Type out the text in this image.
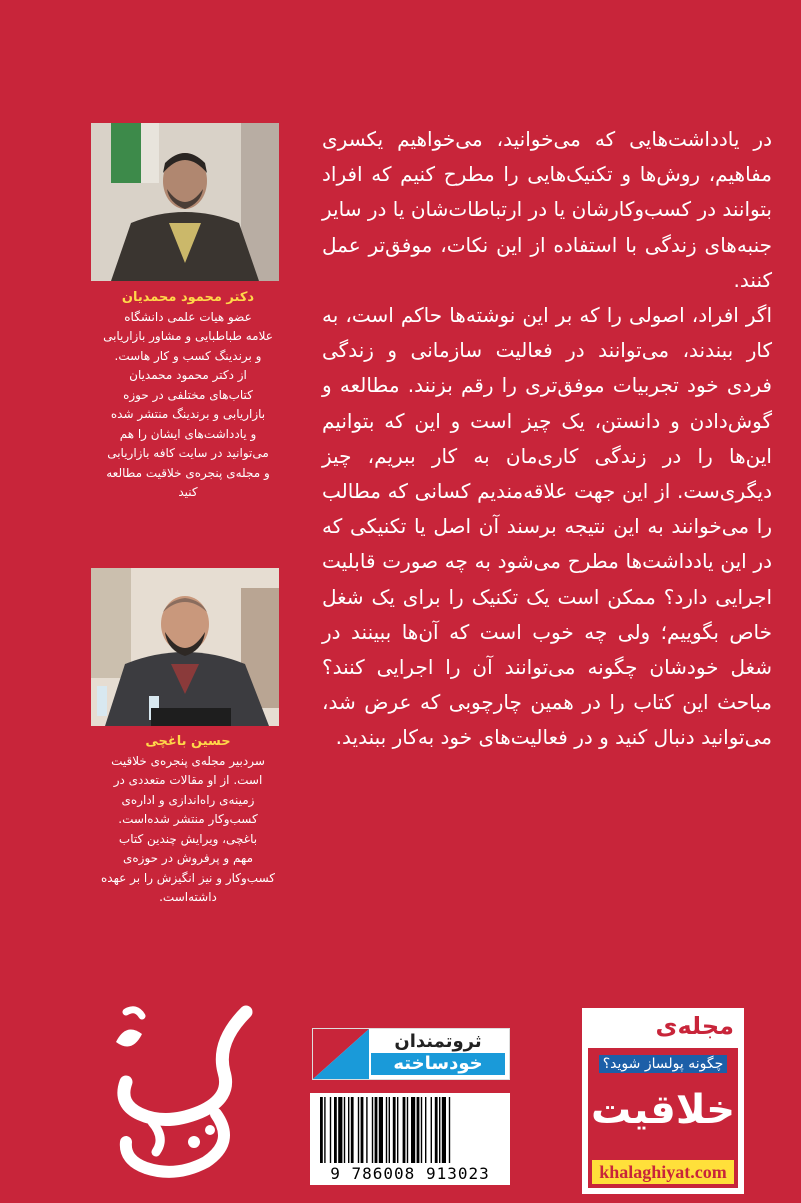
در یادداشت‌هایی که می‌خوانید، می‌خواهیم یکسری مفاهیم، روش‌ها و تکنیک‌هایی را مطرح کنیم که افراد بتوانند در کسب‌وکارشان یا در ارتباطات‌شان یا در سایر جنبه‌های زندگی با استفاده از این نکات، موفق‌تر عمل کنند.

اگر افراد، اصولی را که بر این نوشته‌ها حاکم است، به کار ببندند، می‌توانند در فعالیت سازمانی و زندگی فردی خود تجربیات موفق‌تری را رقم بزنند. مطالعه و گوش‌دادن و دانستن، یک چیز است و این که بتوانیم این‌ها را در زندگی کاری‌مان به کار ببریم، چیز دیگری‌ست. از این جهت علاقه‌مندیم کسانی که مطالب را می‌خوانند به این نتیجه برسند آن اصل یا تکنیکی که در این یادداشت‌ها مطرح می‌شود به چه صورت قابلیت اجرایی دارد؟ ممکن است یک تکنیک را برای یک شغل خاص بگوییم؛ ولی چه خوب است که آن‌ها ببینند در شغل خودشان چگونه می‌توانند آن را اجرایی کنند؟ مباحث این کتاب را در همین چارچوبی که عرض شد، می‌توانید دنبال کنید و در فعالیت‌های خود به‌کار ببندید.

دکتر محمود محمدیان

عضو هیات علمی دانشگاه

علامه طباطبایی و مشاور بازاریابی

و برندینگ کسب و کار هاست.

از دکتر محمود محمدیان

کتاب‌های مختلفی در حوزه

بازاریابی و برندینگ منتشر شده

و یادداشت‌های ایشان را هم

می‌توانید در سایت کافه بازاریابی

و مجله‌ی پنجره‌ی خلاقیت مطالعه

کنید

حسین باغچی

سردبیر مجله‌ی پنجره‌ی خلاقیت

است. از او مقالات متعددی در

زمینه‌ی راه‌اندازی و اداره‌ی

کسب‌وکار منتشر شده‌است.

باغچی، ویرایش چندین کتاب

مهم و پرفروش در حوزه‌ی

کسب‌وکار و نیز انگیزش را بر عهده

داشته‌است.

ثروتمندان
خودساخته
9 786008 913023
مجله‌ی
چگونه پولساز شوید؟
خلاقیت
khalaghiyat.com
